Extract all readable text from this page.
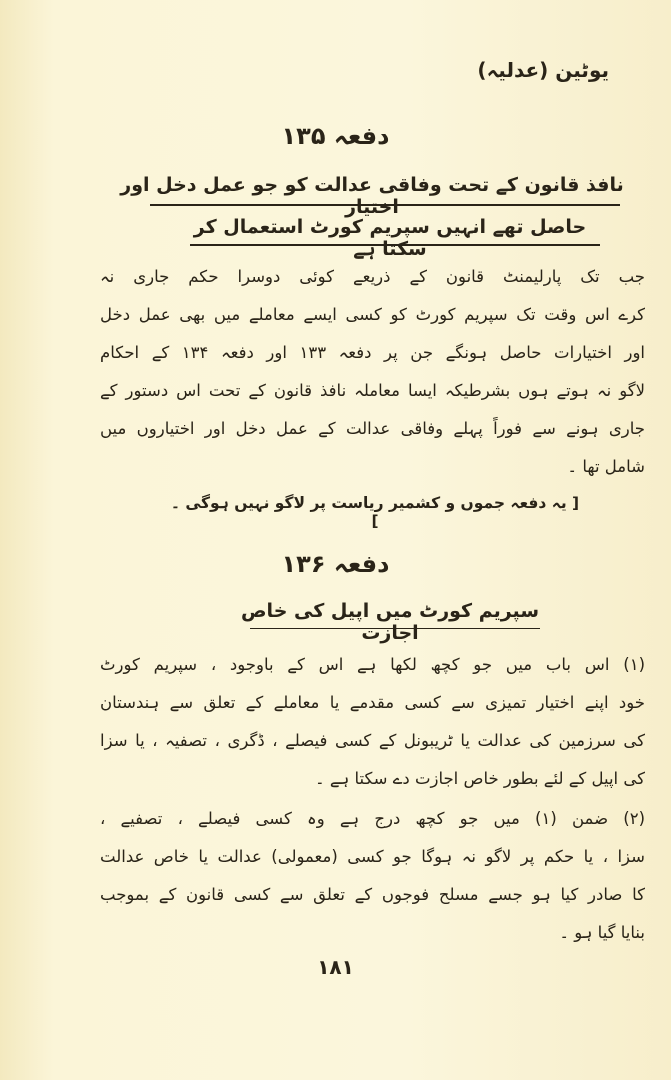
یوٹین (عدلیہ)
دفعہ ۱۳۵
نافذ قانون کے تحت وفاقی عدالت کو جو عمل دخل اور اختیار
حاصل تھے انہیں سپریم کورٹ استعمال کر سکتا ہے

جب تک پارلیمنٹ قانون کے ذریعے کوئی دوسرا حکم جاری نہ

کرے اس وقت تک سپریم کورٹ کو کسی ایسے معاملے میں بھی عمل دخل

اور اختیارات حاصل ہونگے جن پر دفعہ ۱۳۳ اور دفعہ ۱۳۴ کے احکام

لاگو نہ ہوتے ہوں بشرطیکہ ایسا معاملہ نافذ قانون کے تحت اس دستور کے

جاری ہونے سے فوراً پہلے وفاقی عدالت کے عمل دخل اور اختیاروں میں

شامل تھا ۔

[ یہ دفعہ جموں و کشمیر ریاست پر لاگو نہیں ہوگی ۔ ]
دفعہ ۱۳۶
سپریم کورٹ میں اپیل کی خاص اجازت

(۱) اس باب میں جو کچھ لکھا ہے اس کے باوجود ، سپریم کورٹ

خود اپنے اختیار تمیزی سے کسی مقدمے یا معاملے کے تعلق سے ہندستان

کی سرزمین کی عدالت یا ٹریبونل کے کسی فیصلے ، ڈگری ، تصفیہ ، یا سزا

کی اپیل کے لئے بطور خاص اجازت دے سکتا ہے ۔

(۲) ضمن (۱) میں جو کچھ درج ہے وہ کسی فیصلے ، تصفیے ،

سزا ، یا حکم پر لاگو نہ ہوگا جو کسی (معمولی) عدالت یا خاص عدالت

کا صادر کیا ہو جسے مسلح فوجوں کے تعلق سے کسی قانون کے بموجب

بنایا گیا ہو ۔

۱۸۱
